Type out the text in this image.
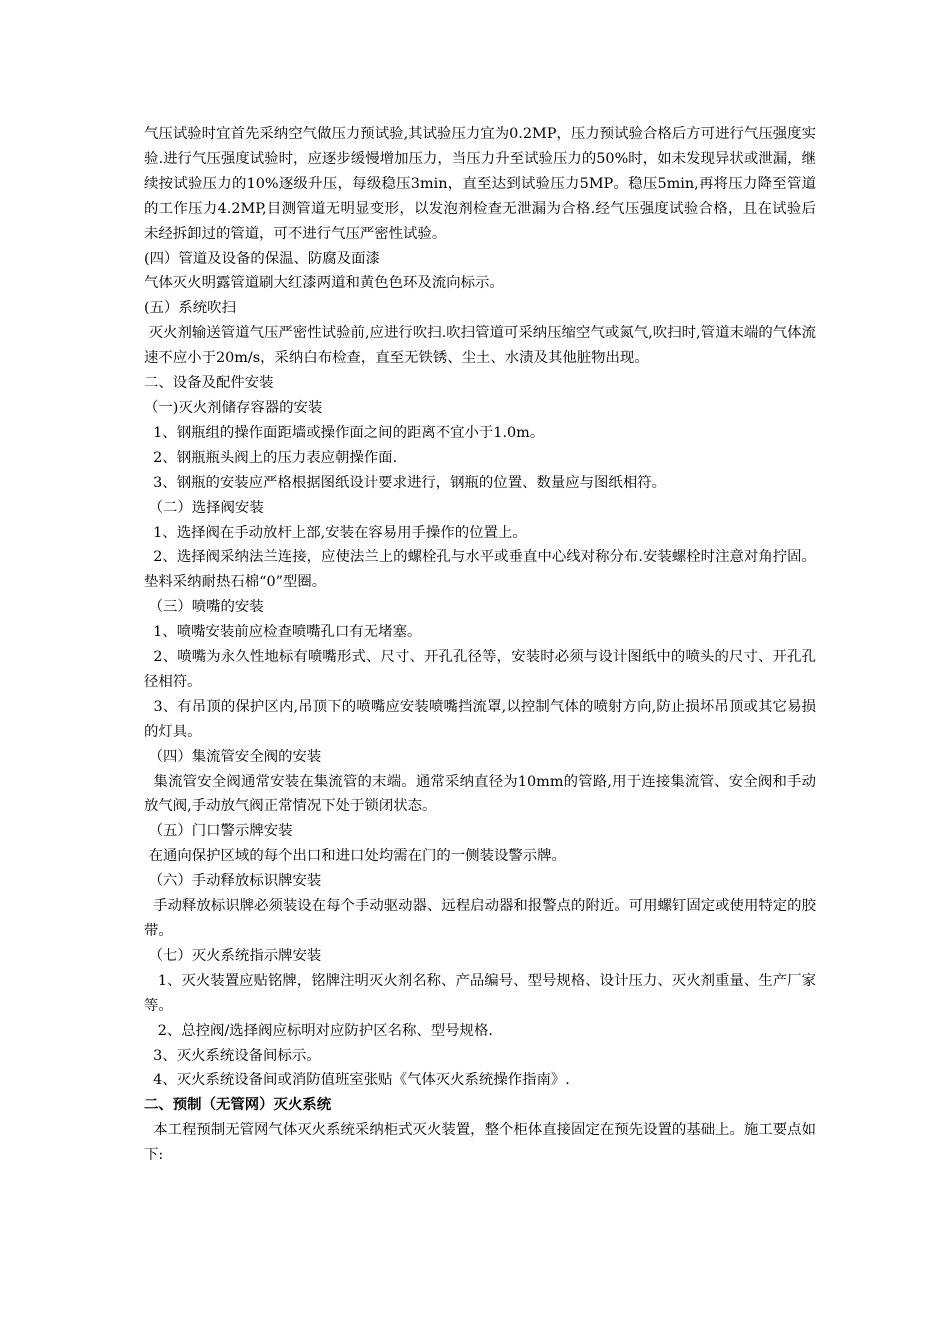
气压试验时宜首先采纳空气做压力预试验,其试验压力宜为0.2MP，压力预试验合格后方可进行气压强度实验.进行气压强度试验时，应逐步缓慢增加压力，当压力升至试验压力的50%时，如未发现异状或泄漏，继续按试验压力的10%逐级升压，每级稳压3min，直至达到试验压力5MP。稳压5min,再将压力降至管道的工作压力4.2MP,目测管道无明显变形，以发泡剂检查无泄漏为合格.经气压强度试验合格，且在试验后未经拆卸过的管道，可不进行气压严密性试验。

(四）管道及设备的保温、防腐及面漆

气体灭火明露管道刷大红漆两道和黄色色环及流向标示。

(五）系统吹扫

灭火剂输送管道气压严密性试验前,应进行吹扫.吹扫管道可采纳压缩空气或氮气,吹扫时,管道末端的气体流速不应小于20m/s，采纳白布检查，直至无铁锈、尘土、水渍及其他脏物出现。

二、设备及配件安装

（一)灭火剂储存容器的安装

1、钢瓶组的操作面距墙或操作面之间的距离不宜小于1.0m。

2、钢瓶瓶头阀上的压力表应朝操作面.

3、钢瓶的安装应严格根据图纸设计要求进行，钢瓶的位置、数量应与图纸相符。

（二）选择阀安装

1、选择阀在手动放杆上部,安装在容易用手操作的位置上。

2、选择阀采纳法兰连接，应使法兰上的螺栓孔与水平或垂直中心线对称分布.安装螺栓时注意对角拧固。垫料采纳耐热石棉“0”型圈。

（三）喷嘴的安装

1、喷嘴安装前应检查喷嘴孔口有无堵塞。

2、喷嘴为永久性地标有喷嘴形式、尺寸、开孔孔径等，安装时必须与设计图纸中的喷头的尺寸、开孔孔径相符。

3、有吊顶的保护区内,吊顶下的喷嘴应安装喷嘴挡流罩,以控制气体的喷射方向,防止损坏吊顶或其它易损的灯具。

（四）集流管安全阀的安装

集流管安全阀通常安装在集流管的末端。通常采纳直径为10mm的管路,用于连接集流管、安全阀和手动放气阀,手动放气阀正常情况下处于锁闭状态。

（五）门口警示牌安装

在通向保护区域的每个出口和进口处均需在门的一侧装设警示牌。

（六）手动释放标识牌安装

手动释放标识牌必须装设在每个手动驱动器、远程启动器和报警点的附近。可用螺钉固定或使用特定的胶带。

（七）灭火系统指示牌安装

1、灭火装置应贴铭牌，铭牌注明灭火剂名称、产品编号、型号规格、设计压力、灭火剂重量、生产厂家等。

2、总控阀/选择阀应标明对应防护区名称、型号规格.

3、灭火系统设备间标示。

4、灭火系统设备间或消防值班室张贴《气体灭火系统操作指南》.

二、预制（无管网）灭火系统

本工程预制无管网气体灭火系统采纳柜式灭火装置，整个柜体直接固定在预先设置的基础上。施工要点如下:
